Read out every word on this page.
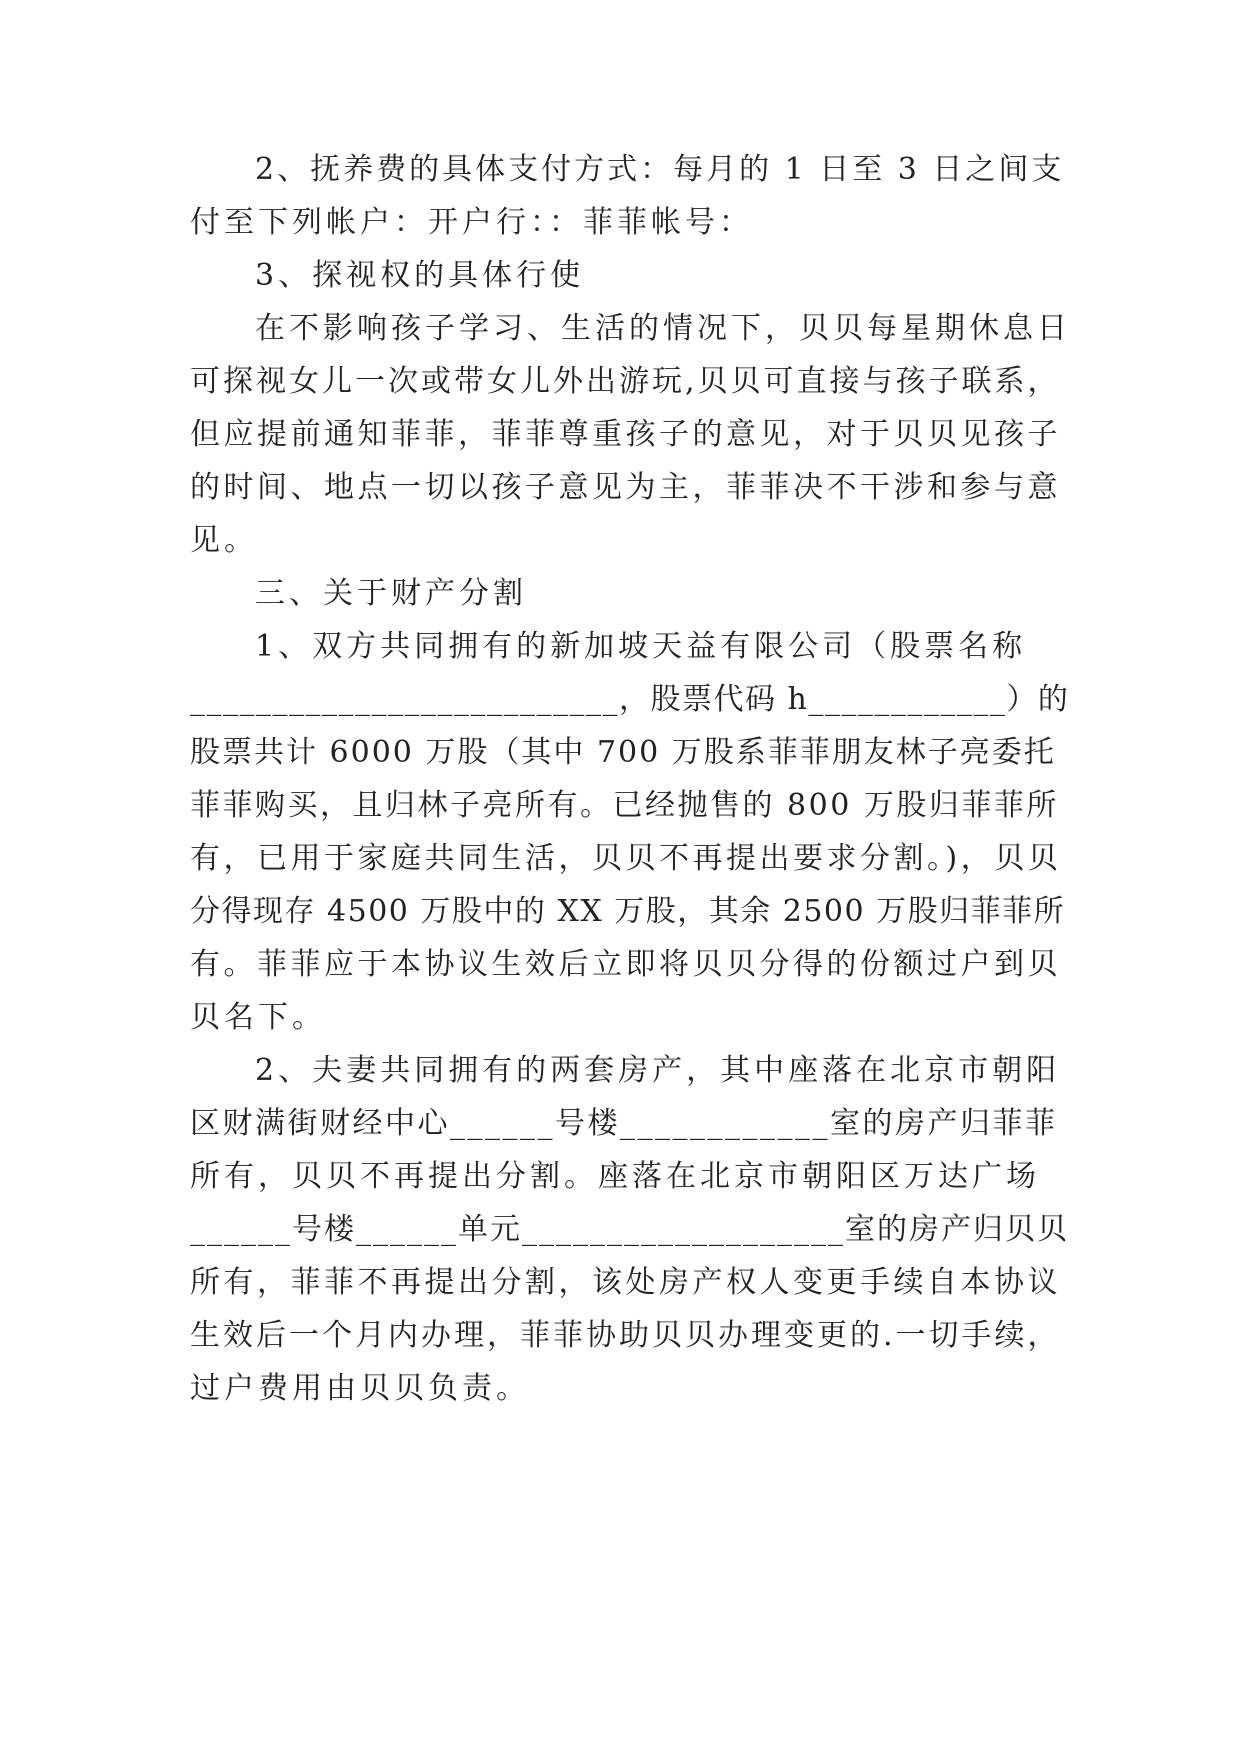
2、抚养费的具体支付方式：每月的 1 日至 3 日之间支

付至下列帐户：开户行：：菲菲帐号：

3、探视权的具体行使

在不影响孩子学习、生活的情况下，贝贝每星期休息日

可探视女儿一次或带女儿外出游玩,贝贝可直接与孩子联系，

但应提前通知菲菲，菲菲尊重孩子的意见，对于贝贝见孩子

的时间、地点一切以孩子意见为主，菲菲决不干涉和参与意

见。

三、关于财产分割

1、双方共同拥有的新加坡天益有限公司（股票名称

__________________________，股票代码 h____________）的

股票共计 6000 万股（其中 700 万股系菲菲朋友林子亮委托

菲菲购买，且归林子亮所有。已经抛售的 800 万股归菲菲所

有，已用于家庭共同生活，贝贝不再提出要求分割。)，贝贝

分得现存 4500 万股中的 XX 万股，其余 2500 万股归菲菲所

有。菲菲应于本协议生效后立即将贝贝分得的份额过户到贝

贝名下。

2、夫妻共同拥有的两套房产，其中座落在北京市朝阳

区财满街财经中心______号楼____________室的房产归菲菲

所有，贝贝不再提出分割。座落在北京市朝阳区万达广场

______号楼______单元___________________室的房产归贝贝

所有，菲菲不再提出分割，该处房产权人变更手续自本协议

生效后一个月内办理，菲菲协助贝贝办理变更的.一切手续，

过户费用由贝贝负责。
